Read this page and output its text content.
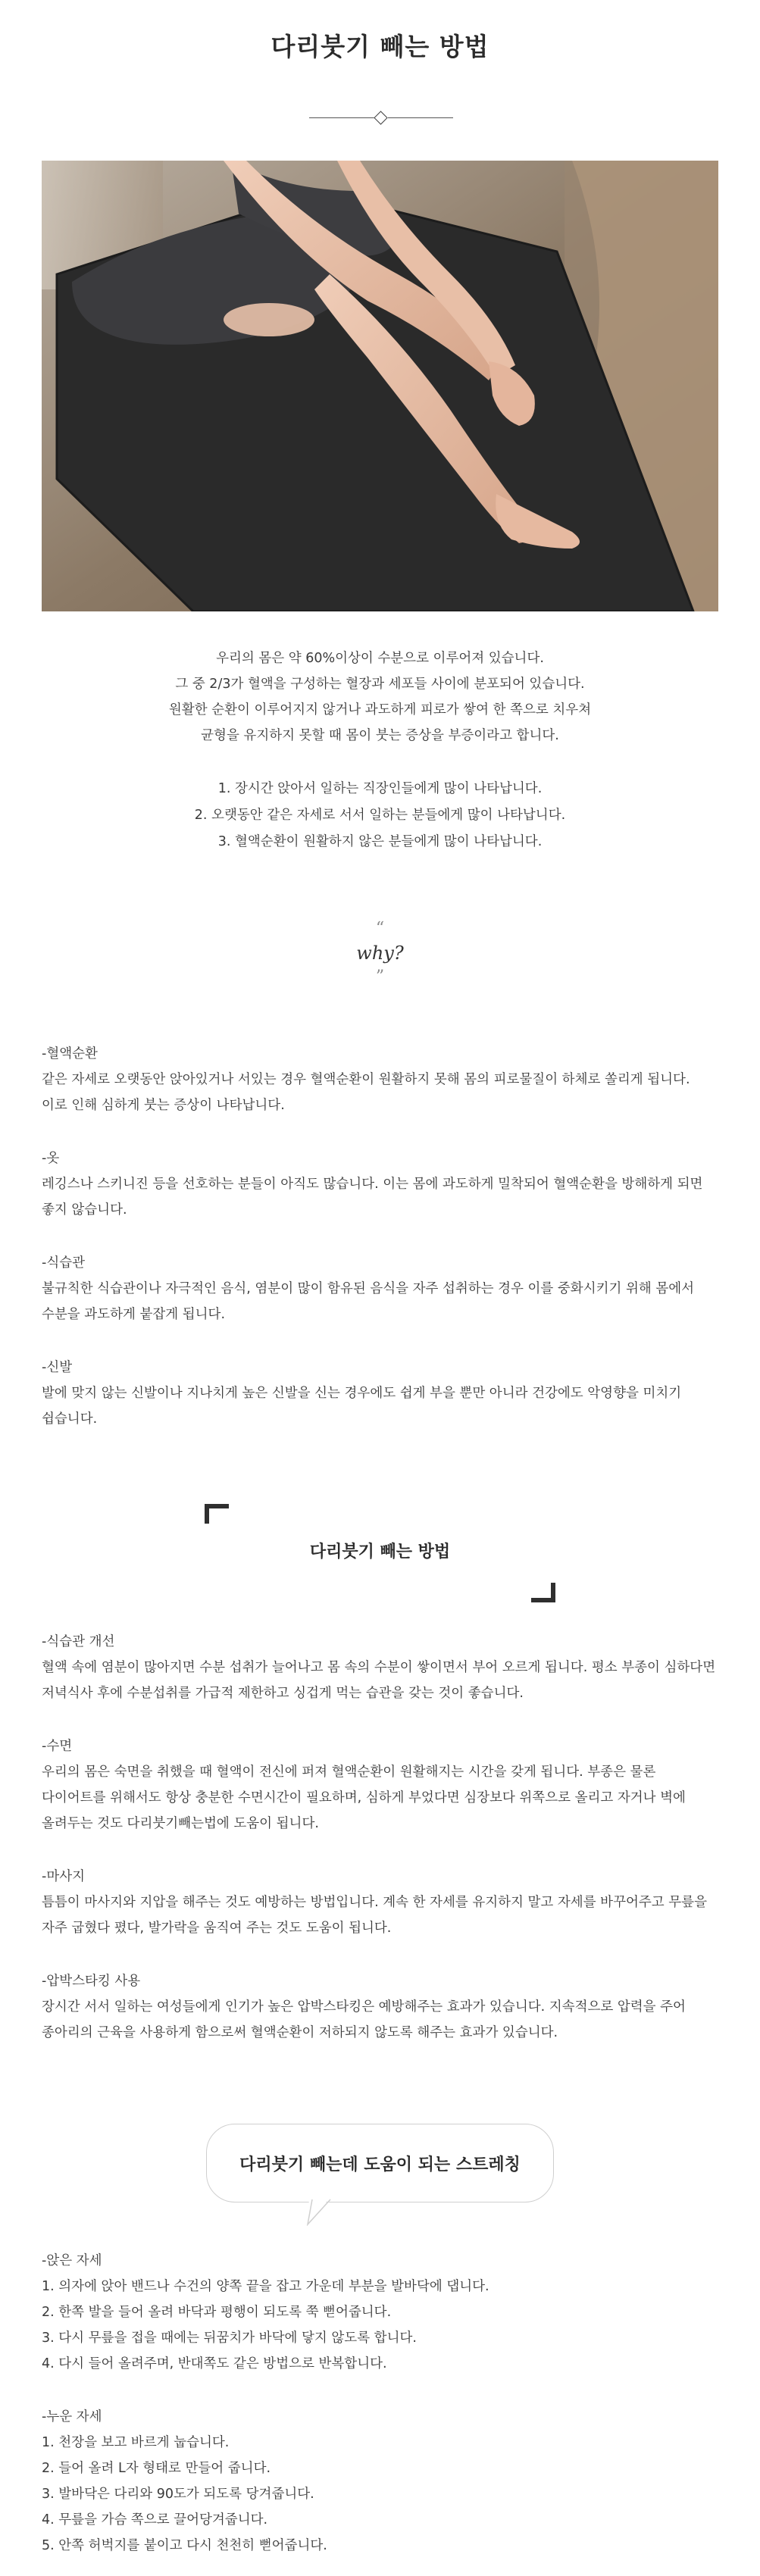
다리붓기 빼는 방법
우리의 몸은 약 60%이상이 수분으로 이루어져 있습니다.
그 중 2/3가 혈액을 구성하는 혈장과 세포들 사이에 분포되어 있습니다.
원활한 순환이 이루어지지 않거나 과도하게 피로가 쌓여 한 쪽으로 치우쳐
균형을 유지하지 못할 때 몸이 붓는 증상을 부증이라고 합니다.
1. 장시간 앉아서 일하는 직장인들에게 많이 나타납니다.
2. 오랫동안 같은 자세로 서서 일하는 분들에게 많이 나타납니다.
3. 혈액순환이 원활하지 않은 분들에게 많이 나타납니다.
“
why?
”
-혈액순환

같은 자세로 오랫동안 앉아있거나 서있는 경우 혈액순환이 원활하지 못해 몸의 피로물질이 하체로 쏠리게 됩니다. 이로 인해 심하게 붓는 증상이 나타납니다.

-옷

레깅스나 스키니진 등을 선호하는 분들이 아직도 많습니다. 이는 몸에 과도하게 밀착되어 혈액순환을 방해하게 되면 좋지 않습니다.

-식습관

불규칙한 식습관이나 자극적인 음식, 염분이 많이 함유된 음식을 자주 섭취하는 경우 이를 중화시키기 위해 몸에서 수분을 과도하게 붙잡게 됩니다.

-신발

발에 맞지 않는 신발이나 지나치게 높은 신발을 신는 경우에도 쉽게 부을 뿐만 아니라 건강에도 악영향을 미치기 쉽습니다.

다리붓기 빼는 방법
-식습관 개선

혈액 속에 염분이 많아지면 수분 섭취가 늘어나고 몸 속의 수분이 쌓이면서 부어 오르게 됩니다. 평소 부종이 심하다면 저녁식사 후에 수분섭취를 가급적 제한하고 싱겁게 먹는 습관을 갖는 것이 좋습니다.

-수면

우리의 몸은 숙면을 취했을 때 혈액이 전신에 퍼져 혈액순환이 원활해지는 시간을 갖게 됩니다. 부종은 물론 다이어트를 위해서도 항상 충분한 수면시간이 필요하며, 심하게 부었다면 심장보다 위쪽으로 올리고 자거나 벽에 올려두는 것도 다리붓기빼는법에 도움이 됩니다.

-마사지

틈틈이 마사지와 지압을 해주는 것도 예방하는 방법입니다. 계속 한 자세를 유지하지 말고 자세를 바꾸어주고 무릎을 자주 굽혔다 폈다, 발가락을 움직여 주는 것도 도움이 됩니다.

-압박스타킹 사용

장시간 서서 일하는 여성들에게 인기가 높은 압박스타킹은 예방해주는 효과가 있습니다. 지속적으로 압력을 주어 종아리의 근육을 사용하게 함으로써 혈액순환이 저하되지 않도록 해주는 효과가 있습니다.

다리붓기 빼는데 도움이 되는 스트레칭
-앉은 자세
1. 의자에 앉아 밴드나 수건의 양쪽 끝을 잡고 가운데 부분을 발바닥에 댑니다.
2. 한쪽 발을 들어 올려 바닥과 평행이 되도록 쭉 뻗어줍니다.
3. 다시 무릎을 접을 때에는 뒤꿈치가 바닥에 닿지 않도록 합니다.
4. 다시 들어 올려주며, 반대쪽도 같은 방법으로 반복합니다.
-누운 자세
1. 천장을 보고 바르게 눕습니다.
2. 들어 올려 L자 형태로 만들어 줍니다.
3. 발바닥은 다리와 90도가 되도록 당겨줍니다.
4. 무릎을 가슴 쪽으로 끌어당겨줍니다.
5. 안쪽 허벅지를 붙이고 다시 천천히 뻗어줍니다.
